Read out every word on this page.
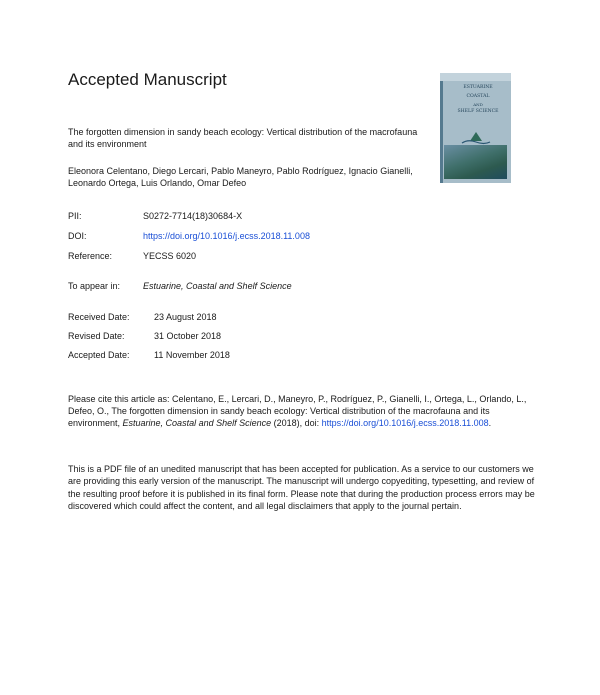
Accepted Manuscript	ESTUARINE
COASTAL
AND
SHELF SCIENCE
The forgotten dimension in sandy beach ecology: Vertical distribution of the macrofauna and its environment
Eleonora Celentano, Diego Lercari, Pablo Maneyro, Pablo Rodríguez, Ignacio Gianelli, Leonardo Ortega, Luis Orlando, Omar Defeo
PII:	S0272-7714(18)30684-X
DOI:	https://doi.org/10.1016/j.ecss.2018.11.008
Reference:	YECSS 6020
To appear in:	Estuarine, Coastal and Shelf Science
Received Date:	23 August 2018
Revised Date:	31 October 2018
Accepted Date:	11 November 2018
Please cite this article as: Celentano, E., Lercari, D., Maneyro, P., Rodríguez, P., Gianelli, I., Ortega, L., Orlando, L., Defeo, O., The forgotten dimension in sandy beach ecology: Vertical distribution of the macrofauna and its environment, Estuarine, Coastal and Shelf Science (2018), doi: https://doi.org/10.1016/j.ecss.2018.11.008.
This is a PDF file of an unedited manuscript that has been accepted for publication. As a service to our customers we are providing this early version of the manuscript. The manuscript will undergo copyediting, typesetting, and review of the resulting proof before it is published in its final form. Please note that during the production process errors may be discovered which could affect the content, and all legal disclaimers that apply to the journal pertain.
